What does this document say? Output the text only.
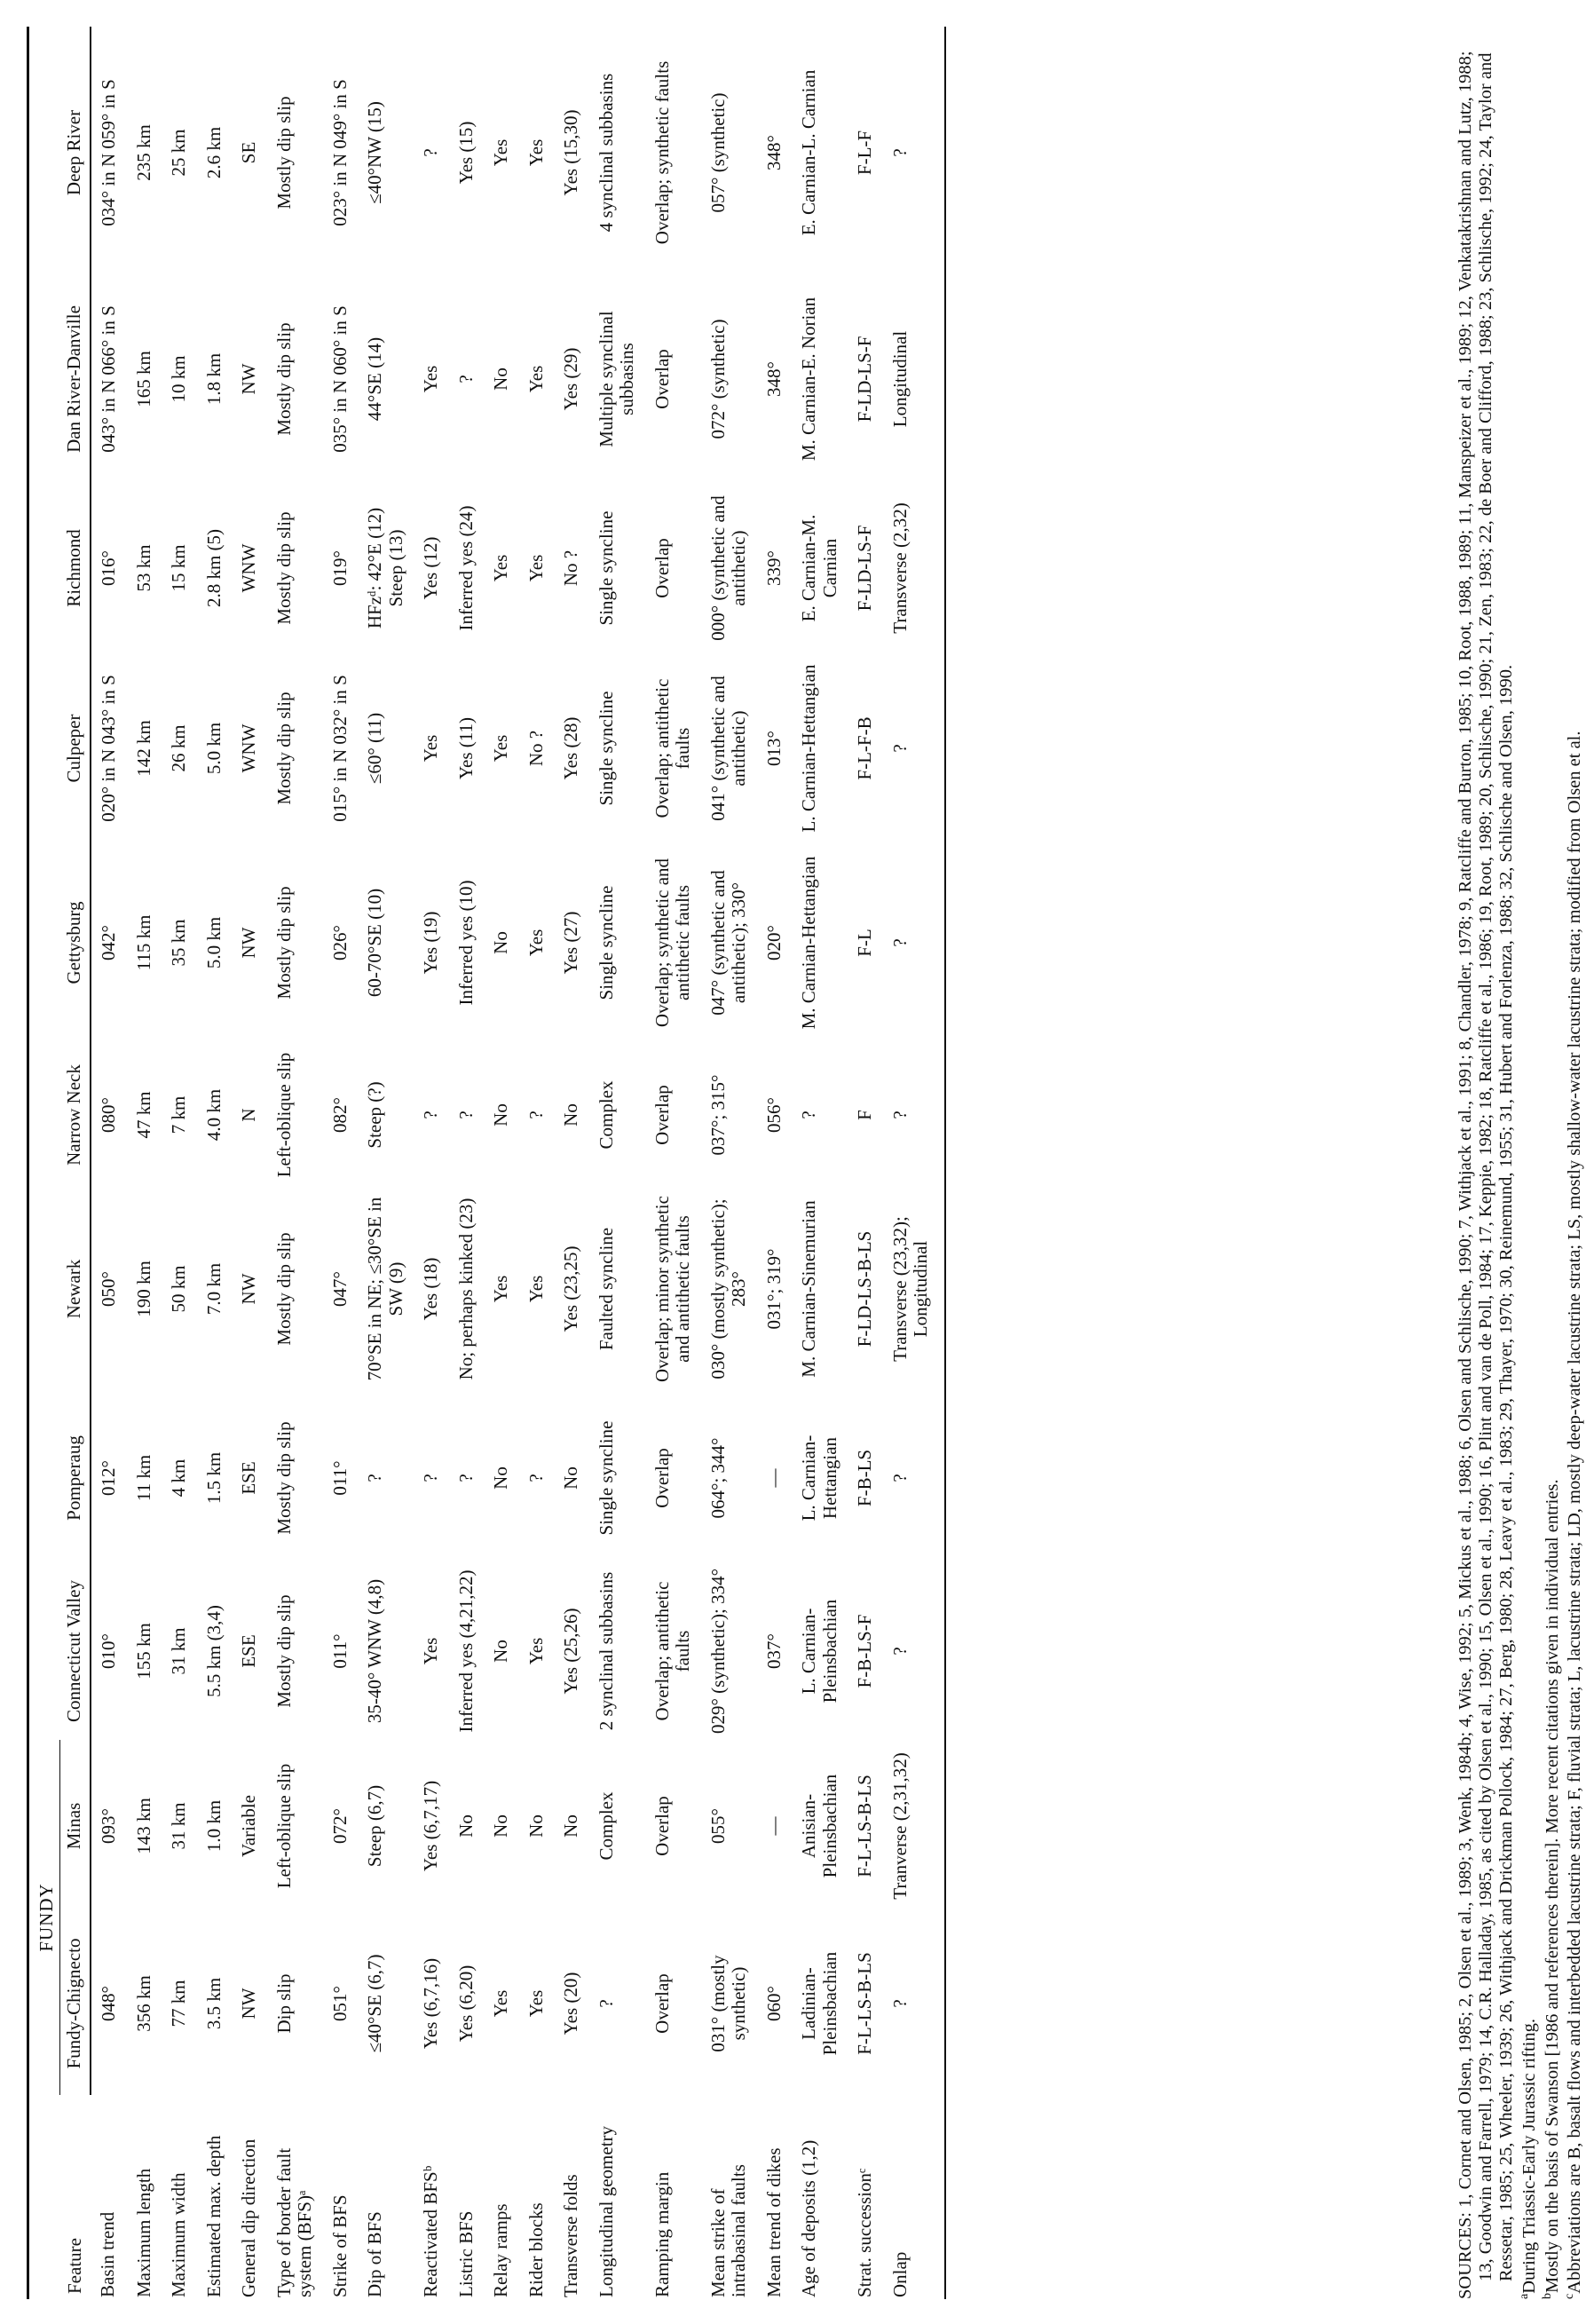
Feature	FUNDY										
	Fundy-Chignecto	Minas	Connecticut Valley	Pomperaug	Newark	Narrow Neck	Gettysburg	Culpeper	Richmond	Dan River-Danville	Deep River
Basin trend	048°	093°	010°	012°	050°	080°	042°	020° in N 043° in S	016°	043° in N 066° in S	034° in N 059° in S
Maximum length	356 km	143 km	155 km	11 km	190 km	47 km	115 km	142 km	53 km	165 km	235 km
Maximum width	77 km	31 km	31 km	4 km	50 km	7 km	35 km	26 km	15 km	10 km	25 km
Estimated max. depth	3.5 km	1.0 km	5.5 km (3,4)	1.5 km	7.0 km	4.0 km	5.0 km	5.0 km	2.8 km (5)	1.8 km	2.6 km
General dip direction	NW	Variable	ESE	ESE	NW	N	NW	WNW	WNW	NW	SE
Type of border fault system (BFS)ᵃ	Dip slip	Left-oblique slip	Mostly dip slip	Mostly dip slip	Mostly dip slip	Left-oblique slip	Mostly dip slip	Mostly dip slip	Mostly dip slip	Mostly dip slip	Mostly dip slip
Strike of BFS	051°	072°	011°	011°	047°	082°	026°	015° in N 032° in S	019°	035° in N 060° in S	023° in N 049° in S
Dip of BFS	≤40°SE (6,7)	Steep (6,7)	35-40° WNW (4,8)	?	70°SE in NE; ≤30°SE in SW (9)	Steep (?)	60-70°SE (10)	≤60° (11)	HFzᵈ: 42°E (12) Steep (13)	44°SE (14)	≤40°NW (15)
Reactivated BFSᵇ	Yes (6,7,16)	Yes (6,7,17)	Yes	?	Yes (18)	?	Yes (19)	Yes	Yes (12)	Yes	?
Listric BFS	Yes (6,20)	No	Inferred yes (4,21,22)	?	No; perhaps kinked (23)	?	Inferred yes (10)	Yes (11)	Inferred yes (24)	?	Yes (15)
Relay ramps	Yes	No	No	No	Yes	No	No	Yes	Yes	No	Yes
Rider blocks	Yes	No	Yes	?	Yes	?	Yes	No ?	Yes	Yes	Yes
Transverse folds	Yes (20)	No	Yes (25,26)	No	Yes (23,25)	No	Yes (27)	Yes (28)	No ?	Yes (29)	Yes (15,30)
Longitudinal geometry	?	Complex	2 synclinal subbasins	Single syncline	Faulted syncline	Complex	Single syncline	Single syncline	Single syncline	Multiple synclinal subbasins	4 synclinal subbasins
Ramping margin	Overlap	Overlap	Overlap; antithetic faults	Overlap	Overlap; minor synthetic and antithetic faults	Overlap	Overlap; synthetic and antithetic faults	Overlap; antithetic faults	Overlap	Overlap	Overlap; synthetic faults
Mean strike of intrabasinal faults	031° (mostly synthetic)	055°	029° (synthetic); 334°	064°; 344°	030° (mostly synthetic); 283°	037°; 315°	047° (synthetic and antithetic); 330°	041° (synthetic and antithetic)	000° (synthetic and antithetic)	072° (synthetic)	057° (synthetic)
Mean trend of dikes	060°	—	037°	—	031°; 319°	056°	020°	013°	339°	348°	348°
Age of deposits (1,2)	Ladinian-Pleinsbachian	Anisian-Pleinsbachian	L. Carnian-Pleinsbachian	L. Carnian-Hettangian	M. Carnian-Sinemurian	?	M. Carnian-Hettangian	L. Carnian-Hettangian	E. Carnian-M. Carnian	M. Carnian-E. Norian	E. Carnian-L. Carnian
Strat. successionᶜ	F-L-LS-B-LS	F-L-LS-B-LS	F-B-LS-F	F-B-LS	F-LD-LS-B-LS	F	F-L	F-L-F-B	F-LD-LS-F	F-LD-LS-F	F-L-F
Onlap	?	Tranverse (2,31,32)	?	?	Transverse (23,32); Longitudinal	?	?	?	Transverse (2,32)	Longitudinal	?	SOURCES: 1, Cornet and Olsen, 1985; 2, Olsen et al., 1989; 3, Wenk, 1984b; 4, Wise, 1992; 5, Mickus et al., 1988; 6, Olsen and Schlische, 1990; 7, Withjack et al., 1991; 8, Chandler, 1978; 9, Ratcliffe and Burton, 1985; 10, Root, 1988, 1989; 11, Manspeizer et al., 1989; 12, Venkatakrishnan and Lutz, 1988; 13, Goodwin and Farrell, 1979; 14, C.R. Halladay, 1985, as cited by Olsen et al., 1990; 15, Olsen et al., 1990; 16, Plint and van de Poll, 1984; 17, Keppie, 1982; 18, Ratcliffe et al., 1986; 19, Root, 1989; 20, Schlische, 1990; 21, Zen, 1983; 22, de Boer and Clifford, 1988; 23, Schlische, 1992; 24, Taylor and Ressetar, 1985; 25, Wheeler, 1939; 26, Withjack and Drickman Pollock, 1984; 27, Berg, 1980; 28, Leavy et al., 1983; 29, Thayer, 1970; 30, Reinemund, 1955; 31, Hubert and Forlenza, 1988; 32, Schlische and Olsen, 1990.

$^a$During Triassic-Early Jurassic rifting.

$^b$Mostly on the basis of Swanson [1986 and references therein]. More recent citations given in individual entries.

$^c$Abbreviations are B, basalt flows and interbedded lacustrine strata; F, fluvial strata; L, lacustrine strata; LD, mostly deep-water lacustrine strata; LS, mostly shallow-water lacustrine strata; modified from Olsen et al.
